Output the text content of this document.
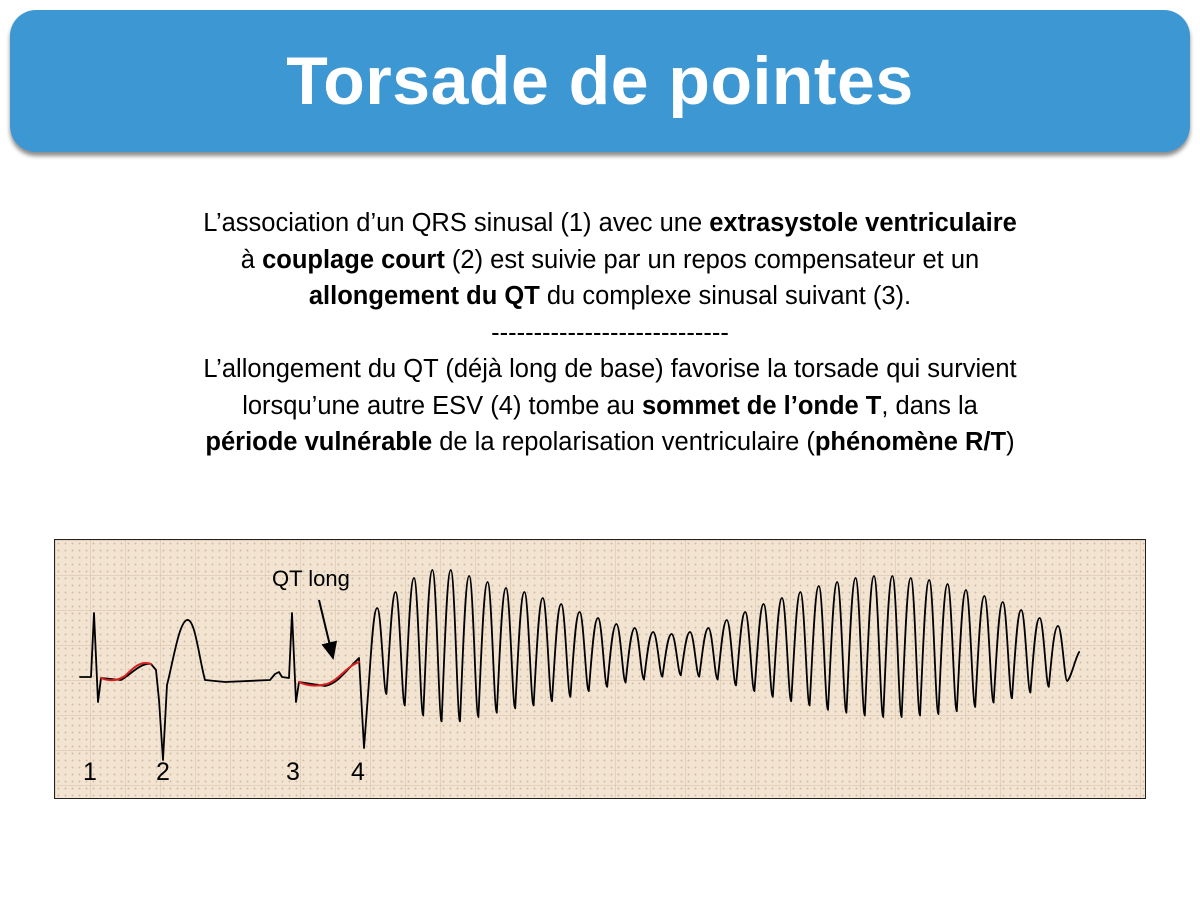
Torsade de pointes

L’association d’un QRS sinusal (1) avec une extrasystole ventriculaire
à couplage court (2) est suivie par un repos compensateur et un
allongement du QT du complexe sinusal suivant (3).

----------------------------

L’allongement du QT (déjà long de base) favorise la torsade qui survient
lorsqu’une autre ESV (4) tombe au sommet de l’onde T, dans la
période vulnérable de la repolarisation ventriculaire (phénomène R/T)

QT long
1 2	3 4
